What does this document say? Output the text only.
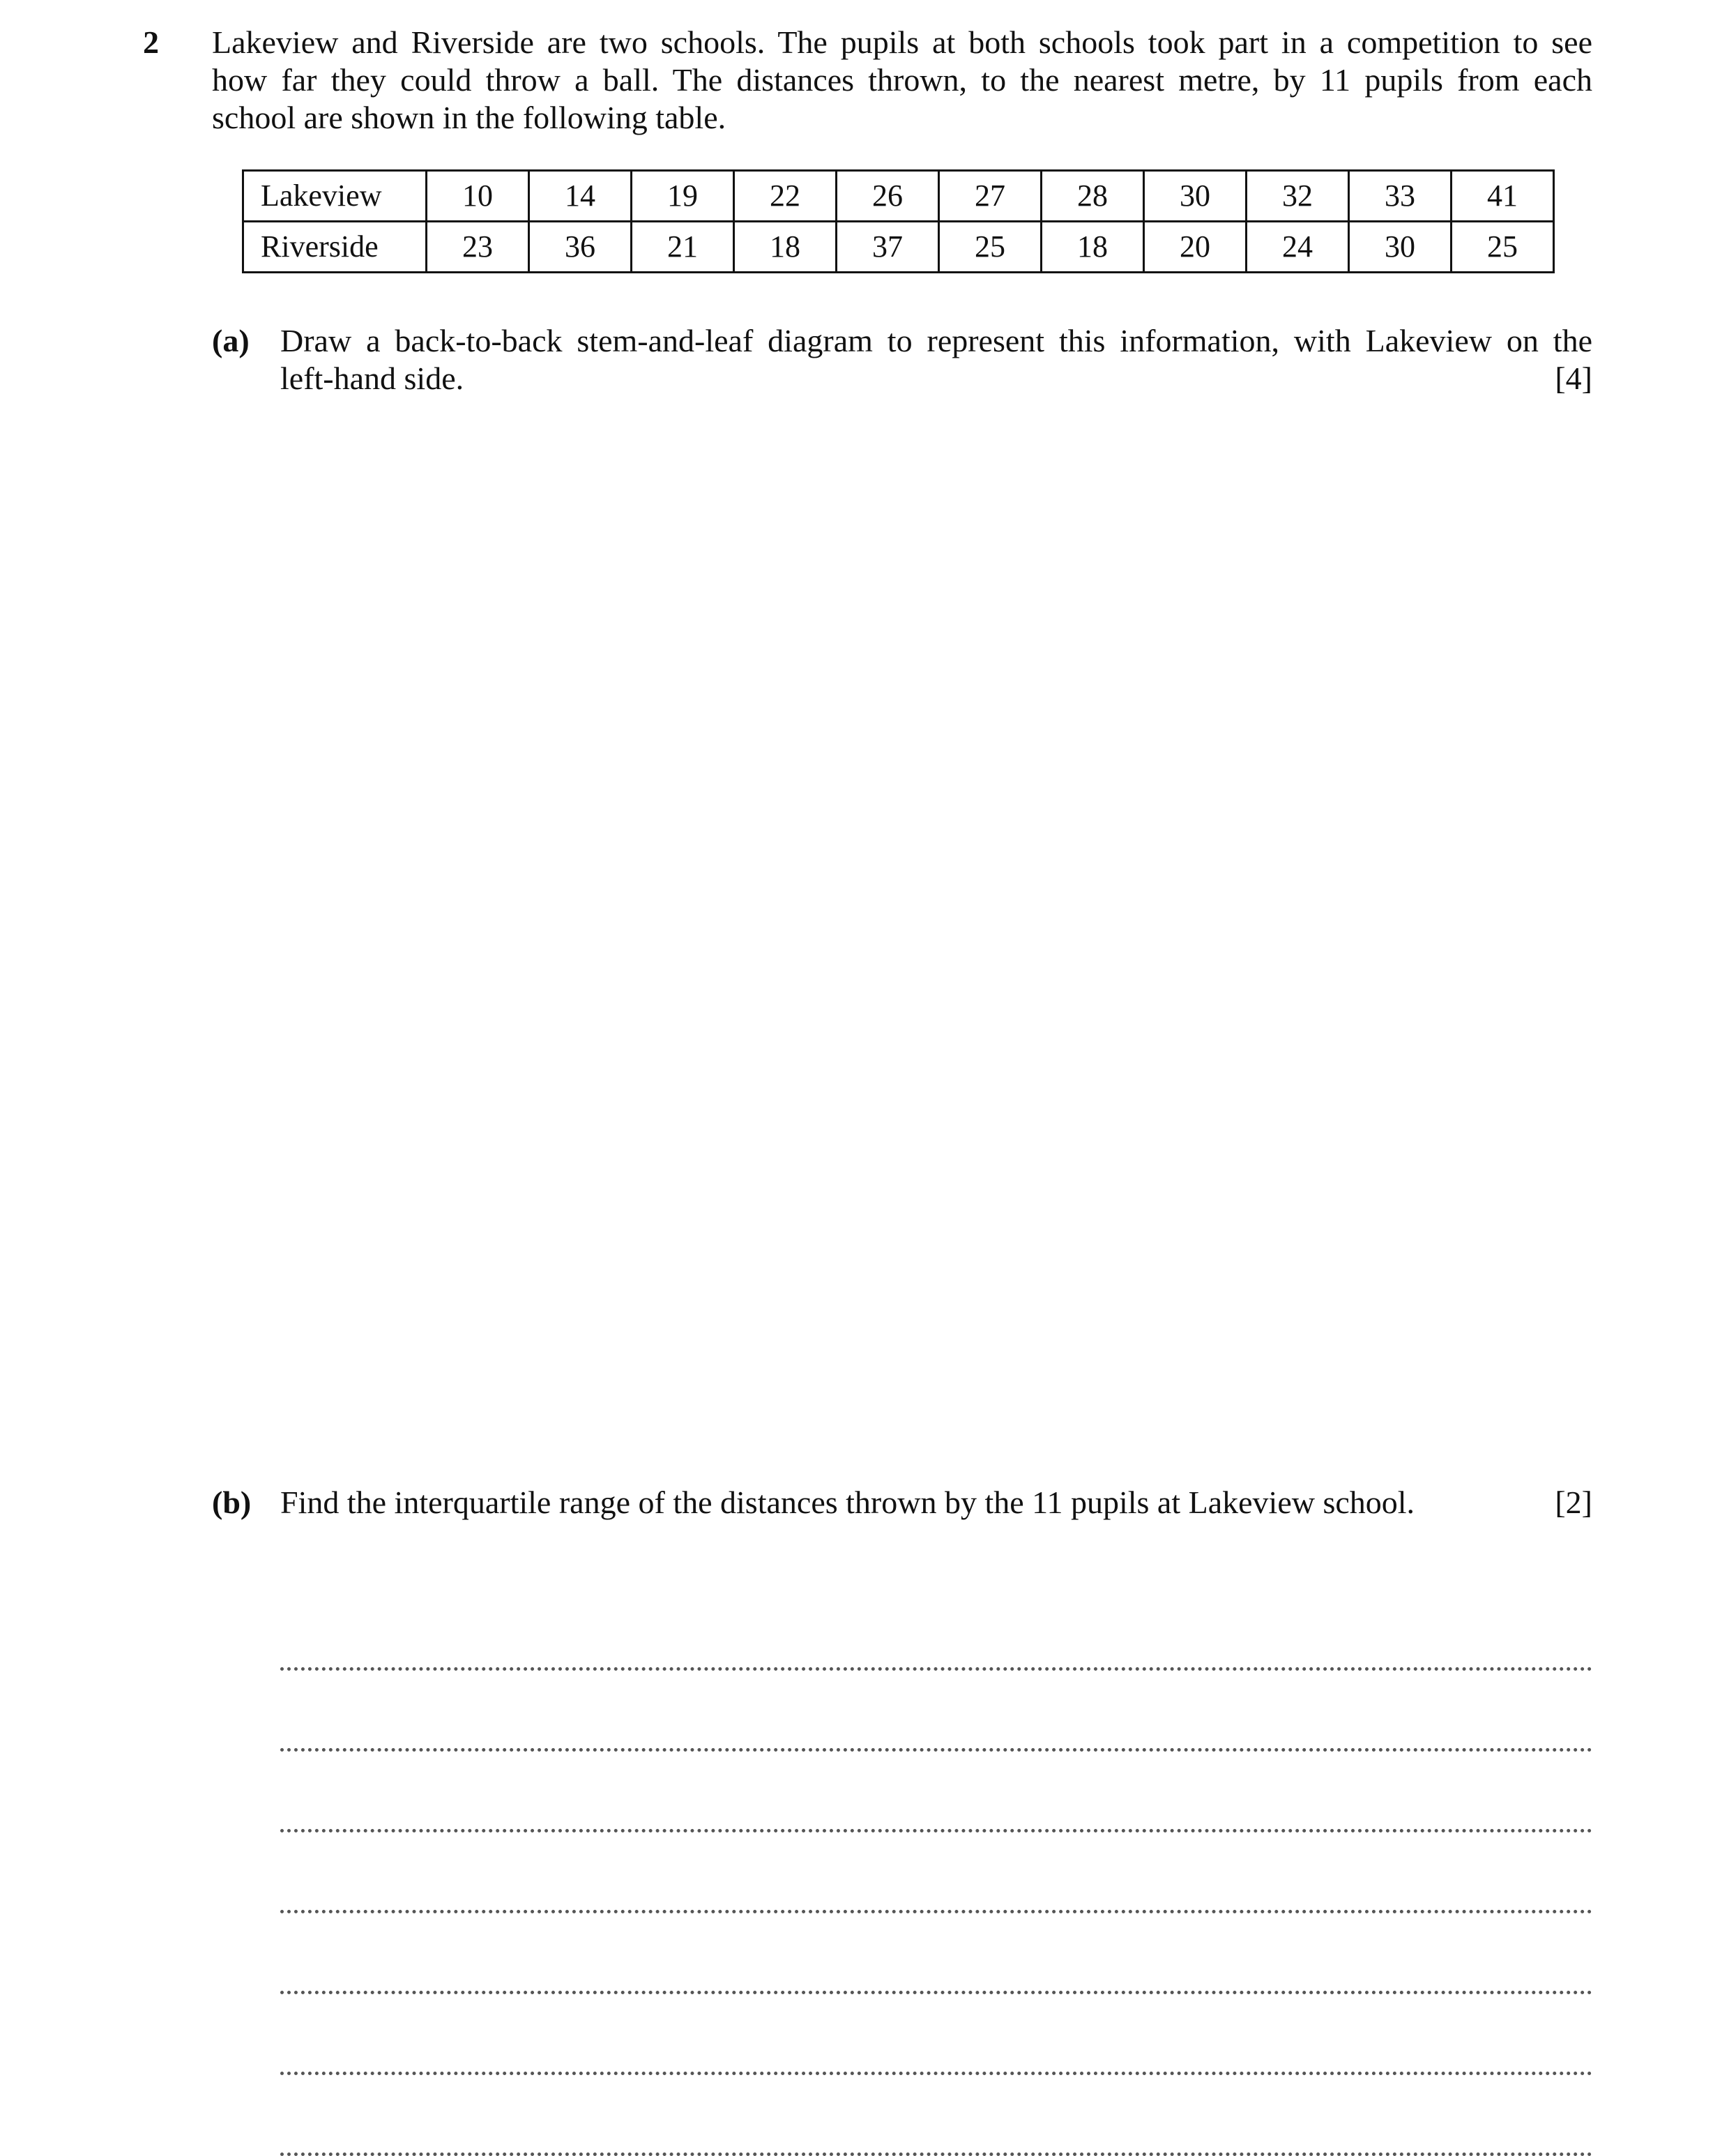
2 Lakeview and Riverside are two schools. The pupils at both schools took part in a competition to see
how far they could throw a ball. The distances thrown, to the nearest metre, by 11 pupils from each
school are shown in the following table.
Lakeview	10	14	19	22	26	27	28	30	32	33	41
Riverside	23	36	21	18	37	25	18	20	24	30	25
(a) Draw a back-to-back stem-and-leaf diagram to represent this information, with Lakeview on the
left-hand side.	[4]
(b) Find the interquartile range of the distances thrown by the 11 pupils at Lakeview school.	[2]
